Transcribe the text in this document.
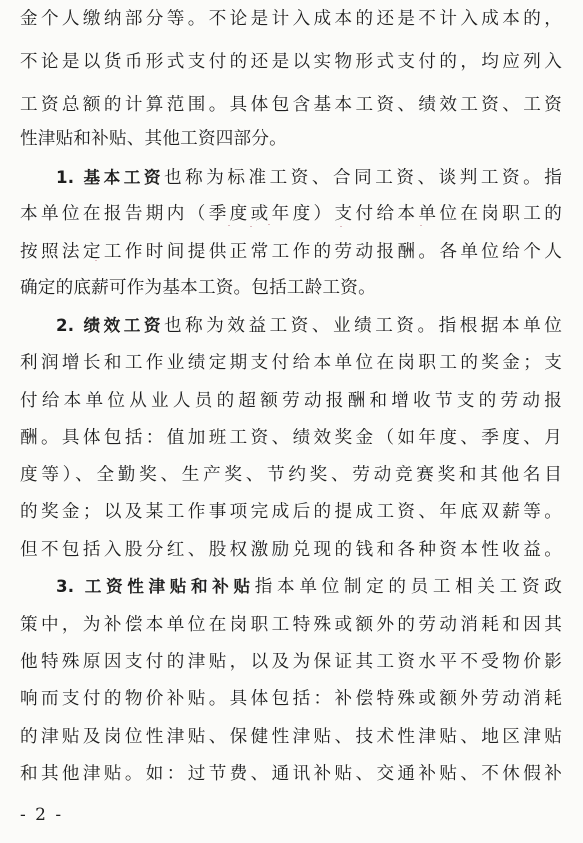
金个人缴纳部分等。不论是计入成本的还是不计入成本的，
不论是以货币形式支付的还是以实物形式支付的，均应列入
工资总额的计算范围。具体包含基本工资、绩效工资、工资
性津贴和补贴、其他工资四部分。
1. 基本工资也称为标准工资、合同工资、谈判工资。指
本单位在报告期内（季度或年度）支付给本单位在岗职工的
按照法定工作时间提供正常工作的劳动报酬。各单位给个人
确定的底薪可作为基本工资。包括工龄工资。
2. 绩效工资也称为效益工资、业绩工资。指根据本单位
利润增长和工作业绩定期支付给本单位在岗职工的奖金；支
付给本单位从业人员的超额劳动报酬和增收节支的劳动报
酬。具体包括：值加班工资、绩效奖金（如年度、季度、月
度等）、全勤奖、生产奖、节约奖、劳动竞赛奖和其他名目
的奖金；以及某工作事项完成后的提成工资、年底双薪等。
但不包括入股分红、股权激励兑现的钱和各种资本性收益。
3. 工资性津贴和补贴指本单位制定的员工相关工资政
策中，为补偿本单位在岗职工特殊或额外的劳动消耗和因其
他特殊原因支付的津贴，以及为保证其工资水平不受物价影
响而支付的物价补贴。具体包括：补偿特殊或额外劳动消耗
的津贴及岗位性津贴、保健性津贴、技术性津贴、地区津贴
和其他津贴。如：过节费、通讯补贴、交通补贴、不休假补
- 2 -
